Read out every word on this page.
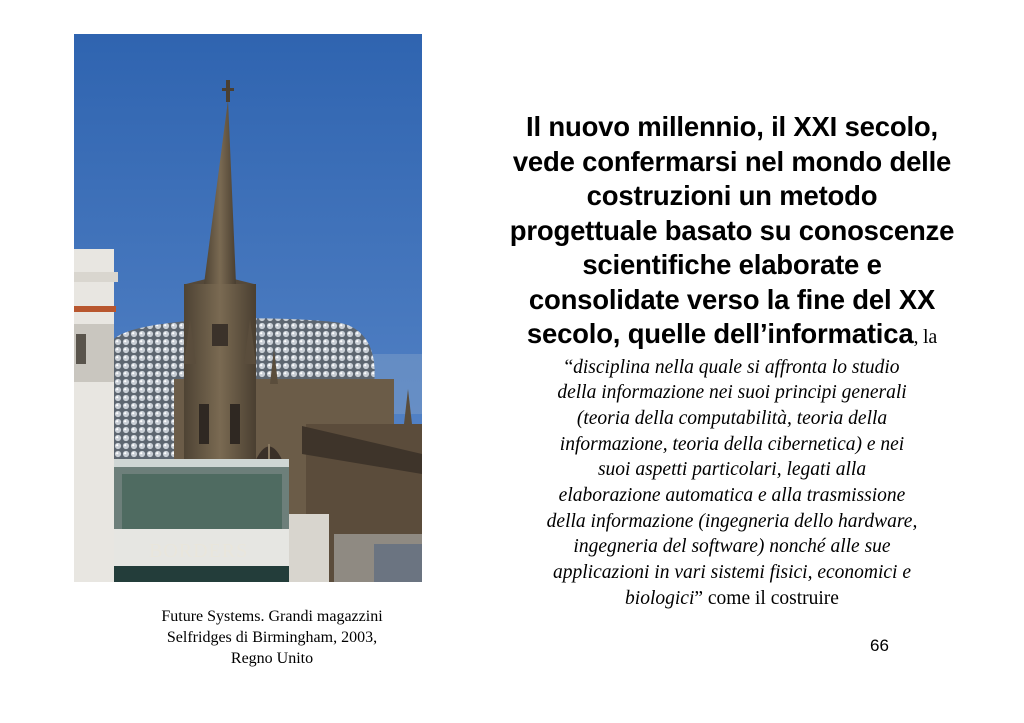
BORDERS
Future Systems. Grandi magazzini
Selfridges di Birmingham, 2003,
Regno Unito
Il nuovo millennio, il XXI secolo,
vede confermarsi nel mondo delle
costruzioni un metodo
progettuale basato su conoscenze
scientifiche elaborate e
consolidate verso la fine del XX
secolo, quelle dell’informatica, la
“disciplina nella quale si affronta lo studio
della informazione nei suoi principi generali
(teoria della computabilità, teoria della
informazione, teoria della cibernetica) e nei
suoi aspetti particolari, legati alla
elaborazione automatica e alla trasmissione
della informazione (ingegneria dello hardware,
ingegneria del software) nonché alle sue
applicazioni in vari sistemi fisici, economici e
biologici” come il costruire
66
